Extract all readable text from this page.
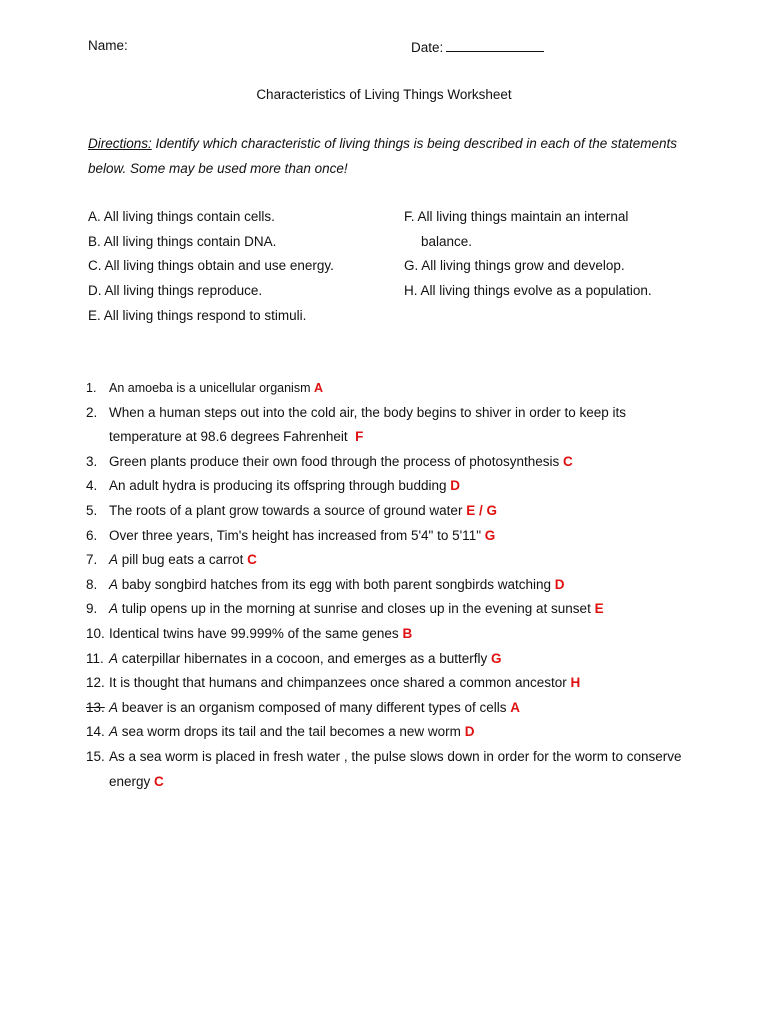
Name:	Date:
Characteristics of Living Things Worksheet
Directions: Identify which characteristic of living things is being described in each of the statements below. Some may be used more than once!
A. All living things contain cells.
B. All living things contain DNA.
C. All living things obtain and use energy.
D. All living things reproduce.
E. All living things respond to stimuli.
F. All living things maintain an internal
balance.
G. All living things grow and develop.
H. All living things evolve as a population.
1. An amoeba is a unicellular organism A
2. When a human steps out into the cold air, the body begins to shiver in order to keep its temperature at 98.6 degrees Fahrenheit F
3. Green plants produce their own food through the process of photosynthesis C
4. An adult hydra is producing its offspring through budding D
5. The roots of a plant grow towards a source of ground water E / G
6. Over three years, Tim's height has increased from 5'4" to 5'11" G
7. A pill bug eats a carrot C
8. A baby songbird hatches from its egg with both parent songbirds watching D
9. A tulip opens up in the morning at sunrise and closes up in the evening at sunset E
10. Identical twins have 99.999% of the same genes B
11. A caterpillar hibernates in a cocoon, and emerges as a butterfly G
12. It is thought that humans and chimpanzees once shared a common ancestor H
13. A beaver is an organism composed of many different types of cells A
14. A sea worm drops its tail and the tail becomes a new worm D
15. As a sea worm is placed in fresh water , the pulse slows down in order for the worm to conserve energy C
